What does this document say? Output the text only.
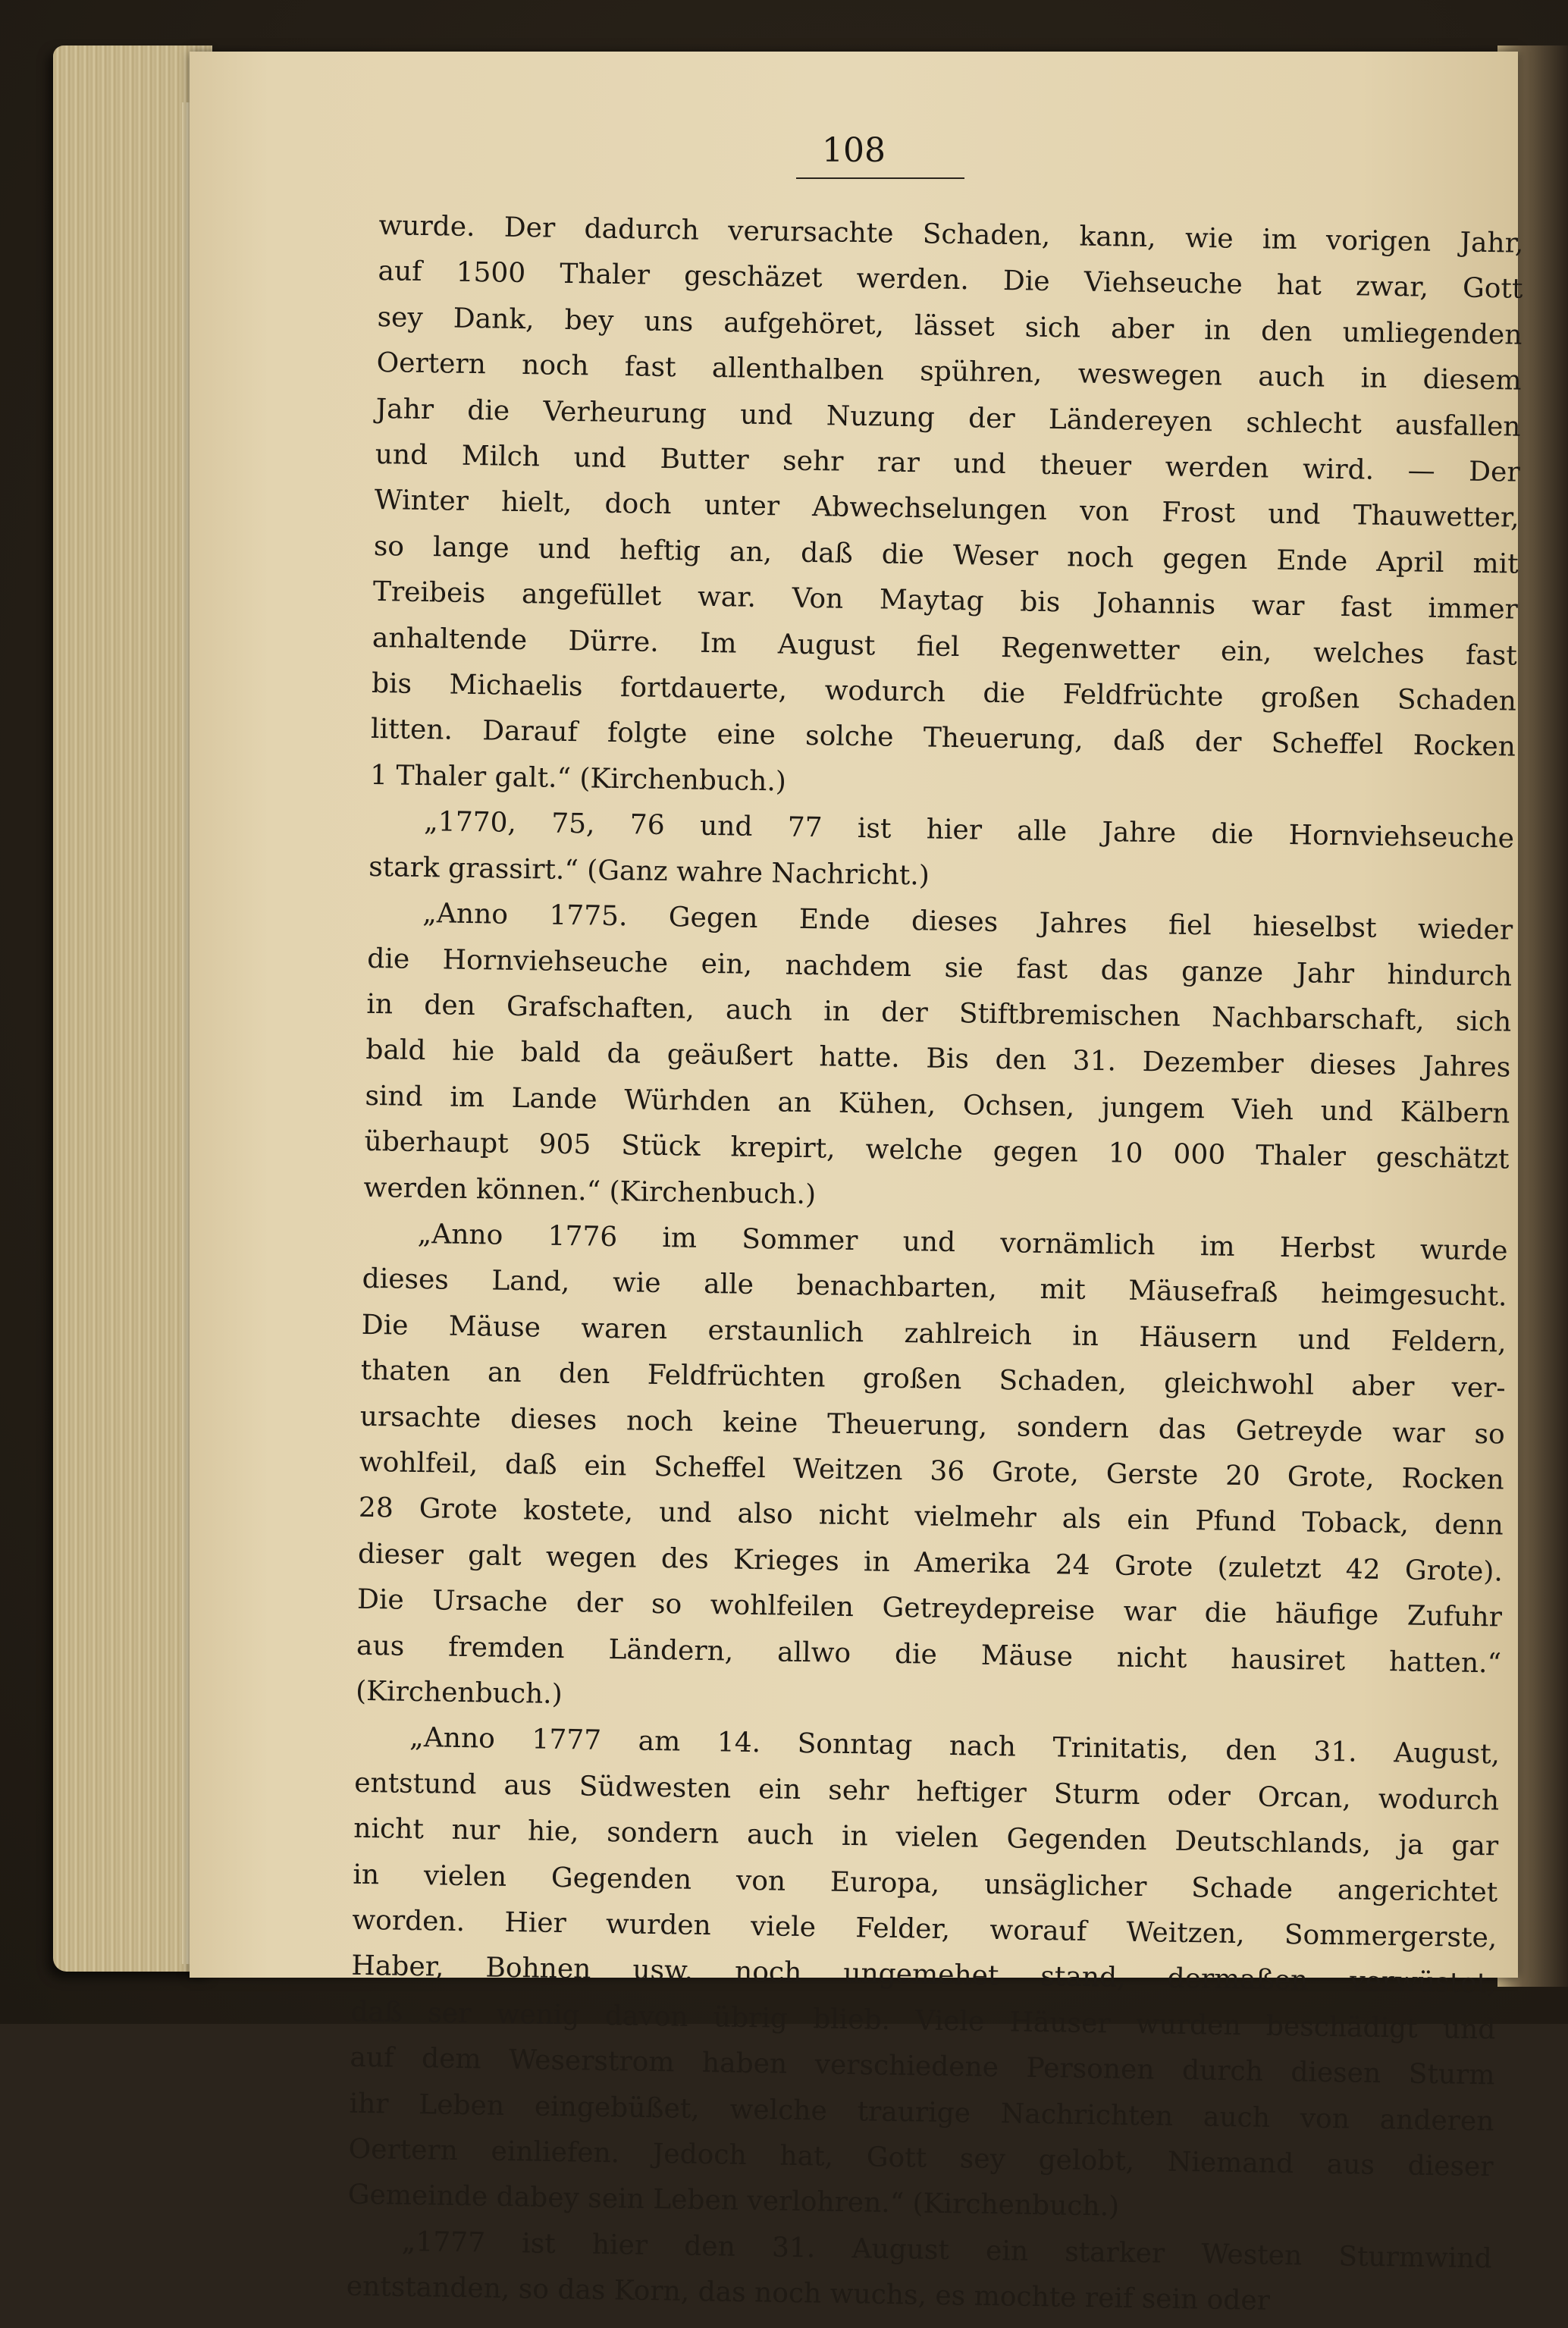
108
wurde. Der dadurch verursachte Schaden, kann, wie im vorigen Jahr,
auf 1500 Thaler geschäzet werden. Die Viehseuche hat zwar, Gott
sey Dank, bey uns aufgehöret, lässet sich aber in den umliegenden
Oertern noch fast allenthalben spühren, weswegen auch in diesem
Jahr die Verheurung und Nuzung der Ländereyen schlecht ausfallen
und Milch und Butter sehr rar und theuer werden wird. — Der
Winter hielt, doch unter Abwechselungen von Frost und Thauwetter,
so lange und heftig an, daß die Weser noch gegen Ende April mit
Treibeis angefüllet war. Von Maytag bis Johannis war fast immer
anhaltende Dürre. Im August fiel Regenwetter ein, welches fast
bis Michaelis fortdauerte, wodurch die Feldfrüchte großen Schaden
litten. Darauf folgte eine solche Theuerung, daß der Scheffel Rocken
1 Thaler galt.“ (Kirchenbuch.)
„1770, 75, 76 und 77 ist hier alle Jahre die Hornviehseuche
stark grassirt.“ (Ganz wahre Nachricht.)
„Anno 1775. Gegen Ende dieses Jahres fiel hieselbst wieder
die Hornviehseuche ein, nachdem sie fast das ganze Jahr hindurch
in den Grafschaften, auch in der Stiftbremischen Nachbarschaft, sich
bald hie bald da geäußert hatte. Bis den 31. Dezember dieses Jahres
sind im Lande Würhden an Kühen, Ochsen, jungem Vieh und Kälbern
überhaupt 905 Stück krepirt, welche gegen 10 000 Thaler geschätzt
werden können.“ (Kirchenbuch.)
„Anno 1776 im Sommer und vornämlich im Herbst wurde
dieses Land, wie alle benachbarten, mit Mäusefraß heimgesucht.
Die Mäuse waren erstaunlich zahlreich in Häusern und Feldern,
thaten an den Feldfrüchten großen Schaden, gleichwohl aber ver-
ursachte dieses noch keine Theuerung, sondern das Getreyde war so
wohlfeil, daß ein Scheffel Weitzen 36 Grote, Gerste 20 Grote, Rocken
28 Grote kostete, und also nicht vielmehr als ein Pfund Toback, denn
dieser galt wegen des Krieges in Amerika 24 Grote (zuletzt 42 Grote).
Die Ursache der so wohlfeilen Getreydepreise war die häufige Zufuhr
aus fremden Ländern, allwo die Mäuse nicht hausiret hatten.“
(Kirchenbuch.)
„Anno 1777 am 14. Sonntag nach Trinitatis, den 31. August,
entstund aus Südwesten ein sehr heftiger Sturm oder Orcan, wodurch
nicht nur hie, sondern auch in vielen Gegenden Deutschlands, ja gar
in vielen Gegenden von Europa, unsäglicher Schade angerichtet
worden. Hier wurden viele Felder, worauf Weitzen, Sommergerste,
Haber, Bohnen usw. noch ungemehet stand, dermaßen verwüstet,
daß ser wenig davon übrig blieb. Viele Häuser wurden beschädigt und
auf dem Weserstrom haben verschiedene Personen durch diesen Sturm
ihr Leben eingebüßet, welche traurige Nachrichten auch von anderen
Oertern einliefen. Jedoch hat, Gott sey gelobt, Niemand aus dieser
Gemeinde dabey sein Leben verlohren.“ (Kirchenbuch.)
„1777 ist hier den 31. August ein starker Westen Sturmwind
entstanden, so das Korn, das noch wuchs, es mochte reif sein oder
